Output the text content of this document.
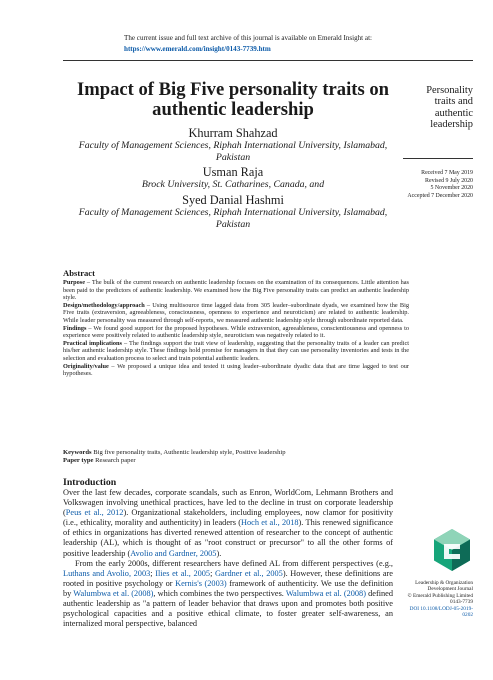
The current issue and full text archive of this journal is available on Emerald Insight at:
https://www.emerald.com/insight/0143-7739.htm
Impact of Big Five personality traits on authentic leadership
Khurram Shahzad
Faculty of Management Sciences, Riphah International University, Islamabad, Pakistan
Usman Raja
Brock University, St. Catharines, Canada, and
Syed Danial Hashmi
Faculty of Management Sciences, Riphah International University, Islamabad, Pakistan
Personality
traits and
authentic
leadership
Received 7 May 2019
Revised 9 July 2020
5 November 2020
Accepted 7 December 2020
Abstract

Purpose – The bulk of the current research on authentic leadership focuses on the examination of its consequences. Little attention has been paid to the predictors of authentic leadership. We examined how the Big Five personality traits can predict an authentic leadership style.

Design/methodology/approach – Using multisource time lagged data from 305 leader–subordinate dyads, we examined how the Big Five traits (extraversion, agreeableness, consciousness, openness to experience and neuroticism) are related to authentic leadership. While leader personality was measured through self-reports, we measured authentic leadership style through subordinate reported data.

Findings – We found good support for the proposed hypotheses. While extraversion, agreeableness, conscientiousness and openness to experience were positively related to authentic leadership style, neuroticism was negatively related to it.

Practical implications – The findings support the trait view of leadership, suggesting that the personality traits of a leader can predict his/her authentic leadership style. These findings hold promise for managers in that they can use personality inventories and tests in the selection and evaluation process to select and train potential authentic leaders.

Originality/value – We proposed a unique idea and tested it using leader–subordinate dyadic data that are time lagged to test our hypotheses.

Keywords Big five personality traits, Authentic leadership style, Positive leadership

Paper type Research paper

Introduction

Over the last few decades, corporate scandals, such as Enron, WorldCom, Lehmann Brothers and Volkswagen involving unethical practices, have led to the decline in trust on corporate leadership (Peus et al., 2012). Organizational stakeholders, including employees, now clamor for positivity (i.e., ethicality, morality and authenticity) in leaders (Hoch et al., 2018). This renewed significance of ethics in organizations has diverted renewed attention of researcher to the concept of authentic leadership (AL), which is thought of as "root construct or precursor" to all the other forms of positive leadership (Avolio and Gardner, 2005).

From the early 2000s, different researchers have defined AL from different perspectives (e.g., Luthans and Avolio, 2003; Ilies et al., 2005; Gardner et al., 2005). However, these definitions are rooted in positive psychology or Kernis's (2003) framework of authenticity. We use the definition by Walumbwa et al. (2008), which combines the two perspectives. Walumbwa et al. (2008) defined authentic leadership as "a pattern of leader behavior that draws upon and promotes both positive psychological capacities and a positive ethical climate, to foster greater self-awareness, an internalized moral perspective, balanced

Leadership & Organization
Development Journal
© Emerald Publishing Limited
0143-7739
DOI 10.1108/LODJ-05-2019-0202
